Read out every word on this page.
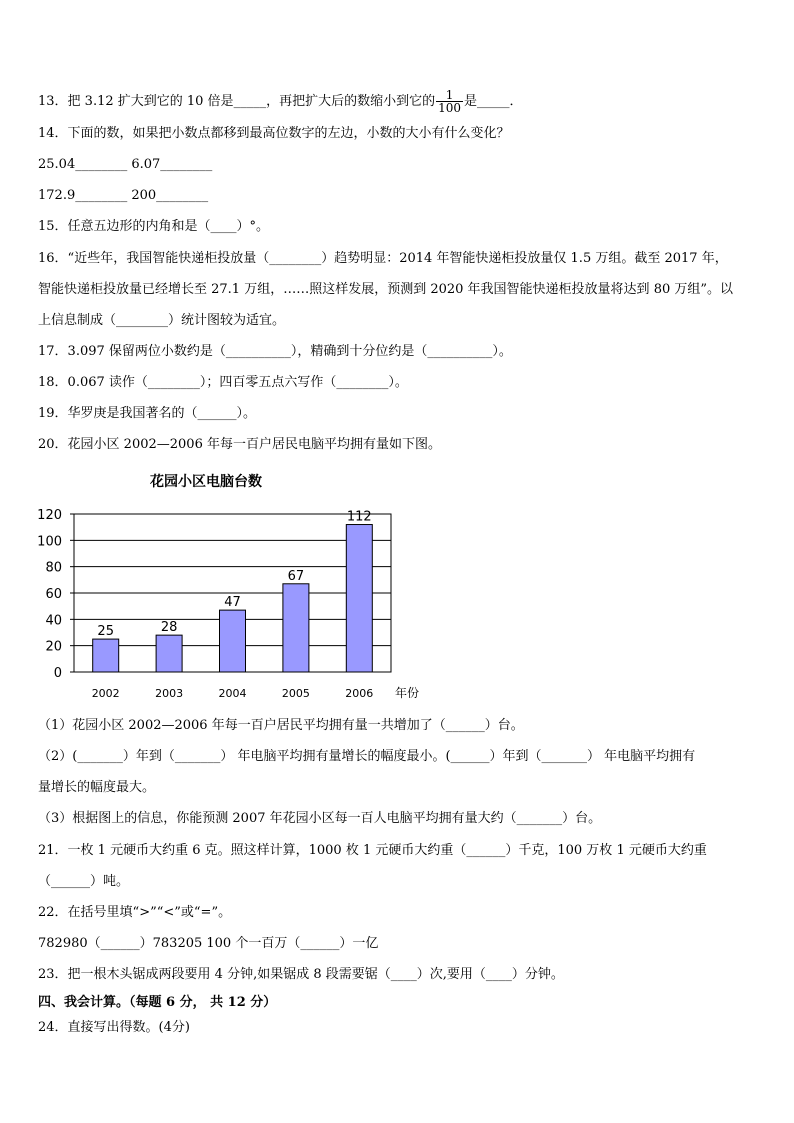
13．把 3.12 扩大到它的 10 倍是_____，再把扩大后的数缩小到它的 $\frac{1}{100}$ 是_____．
14．下面的数，如果把小数点都移到最高位数字的左边，小数的大小有什么变化？
25.04________ 6.07________
172.9________ 200________
15．任意五边形的内角和是（____）°。
16．“近些年，我国智能快递柜投放量（________）趋势明显：2014 年智能快递柜投放量仅 1.5 万组。截至 2017 年，
智能快递柜投放量已经增长至 27.1 万组，……照这样发展，预测到 2020 年我国智能快递柜投放量将达到 80 万组”。以
上信息制成（________）统计图较为适宜。
17．3.097 保留两位小数约是（__________），精确到十分位约是（__________）。
18．0.067 读作（________）；四百零五点六写作（________）。
19．华罗庚是我国著名的（______）。
20．花园小区 2002—2006 年每一百户居民电脑平均拥有量如下图。
花园小区电脑台数
0
20
40
60
80
100
120
25
2002
28
2003
47
2004
67
2005
112
2006 年份
（1）花园小区 2002—2006 年每一百户居民平均拥有量一共增加了（______）台。
（2）(_______）年到（_______） 年电脑平均拥有量增长的幅度最小。(______）年到（_______） 年电脑平均拥有
量增长的幅度最大。
（3）根据图上的信息，你能预测 2007 年花园小区每一百人电脑平均拥有量大约（_______）台。
21．一枚 1 元硬币大约重 6 克。照这样计算，1000 枚 1 元硬币大约重（______）千克，100 万枚 1 元硬币大约重
（______）吨。
22．在括号里填“>”“<”或“=”。
782980（______）783205 100 个一百万（______）一亿
23．把一根木头锯成两段要用 4 分钟,如果锯成 8 段需要锯（____）次,要用（____）分钟。
四、我会计算。（每题 6 分， 共 12 分）
24．直接写出得数。(4分)
